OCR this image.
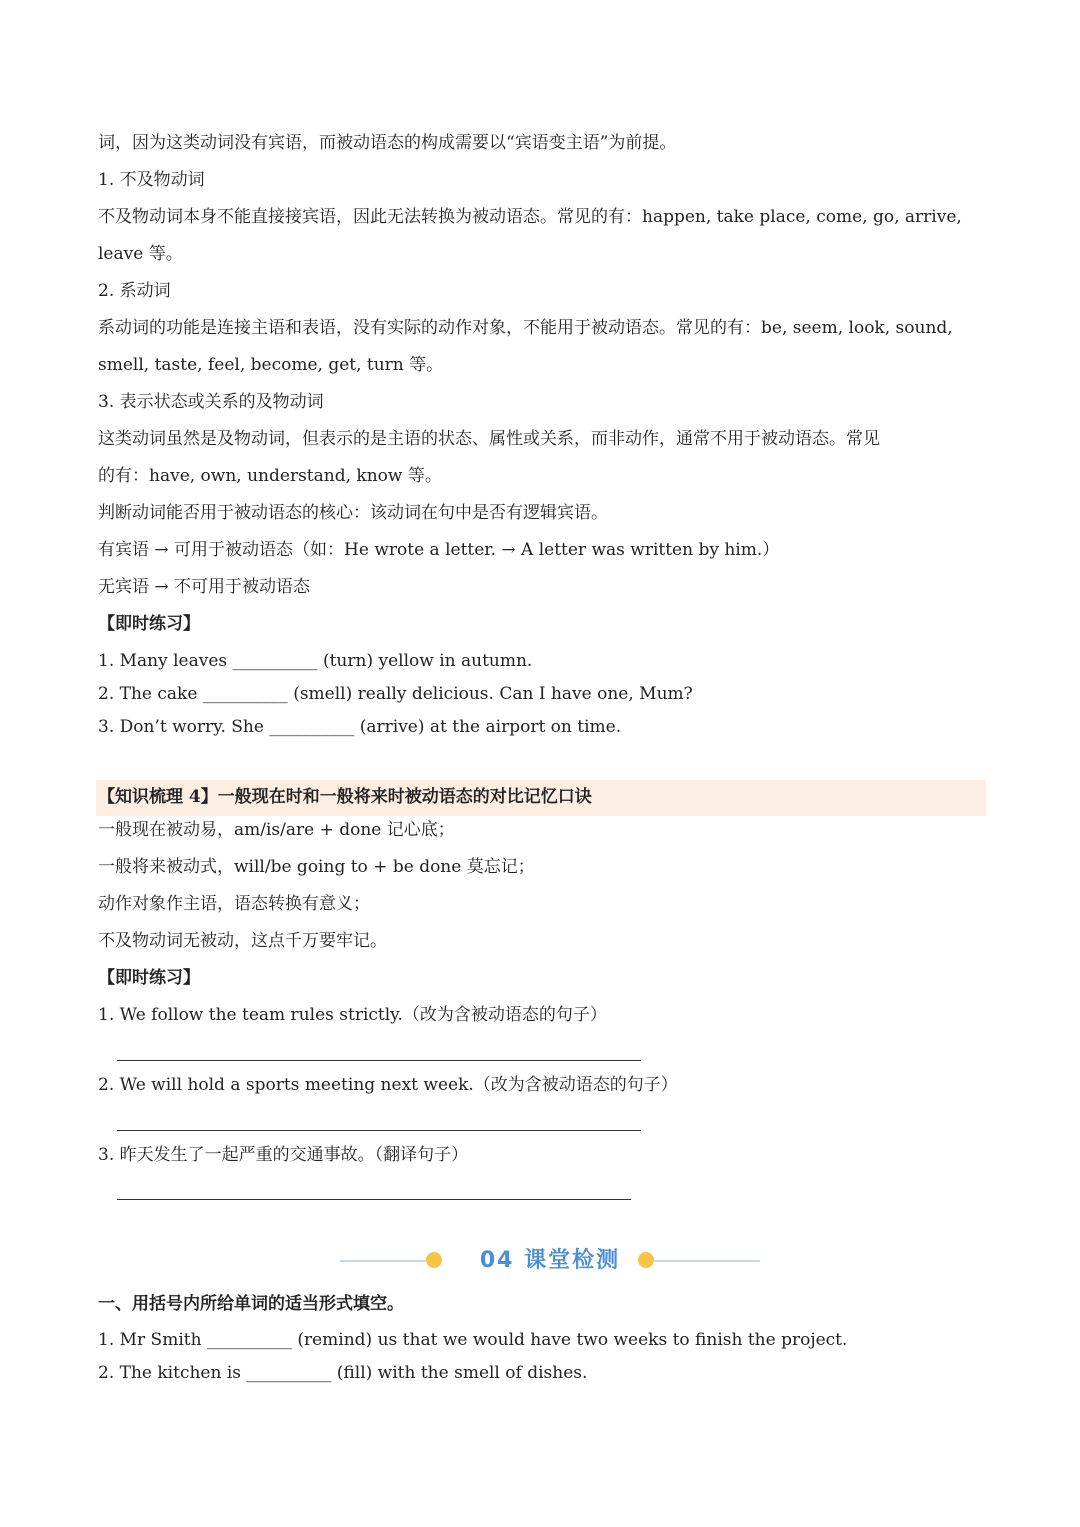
词，因为这类动词没有宾语，而被动语态的构成需要以“宾语变主语”为前提。
1. 不及物动词
不及物动词本身不能直接接宾语，因此无法转换为被动语态。常见的有：happen, take place, come, go, arrive,
leave 等。
2. 系动词
系动词的功能是连接主语和表语，没有实际的动作对象，不能用于被动语态。常见的有：be, seem, look, sound,
smell, taste, feel, become, get, turn 等。
3. 表示状态或关系的及物动词
这类动词虽然是及物动词，但表示的是主语的状态、属性或关系，而非动作，通常不用于被动语态。常见
的有：have, own, understand, know 等。
判断动词能否用于被动语态的核心：该动词在句中是否有逻辑宾语。
有宾语 → 可用于被动语态（如：He wrote a letter. → A letter was written by him.）
无宾语 → 不可用于被动语态
【即时练习】
1. Many leaves __________ (turn) yellow in autumn.
2. The cake __________ (smell) really delicious. Can I have one, Mum?
3. Don’t worry. She __________ (arrive) at the airport on time.
【知识梳理 4】一般现在时和一般将来时被动语态的对比记忆口诀
一般现在被动易，am/is/are + done 记心底；
一般将来被动式，will/be going to + be done 莫忘记；
动作对象作主语，语态转换有意义；
不及物动词无被动，这点千万要牢记。
【即时练习】
1. We follow the team rules strictly.（改为含被动语态的句子）
2. We will hold a sports meeting next week.（改为含被动语态的句子）
3. 昨天发生了一起严重的交通事故。（翻译句子）
04 课堂检测
一、用括号内所给单词的适当形式填空。
1. Mr Smith __________ (remind) us that we would have two weeks to finish the project.
2. The kitchen is __________ (fill) with the smell of dishes.
